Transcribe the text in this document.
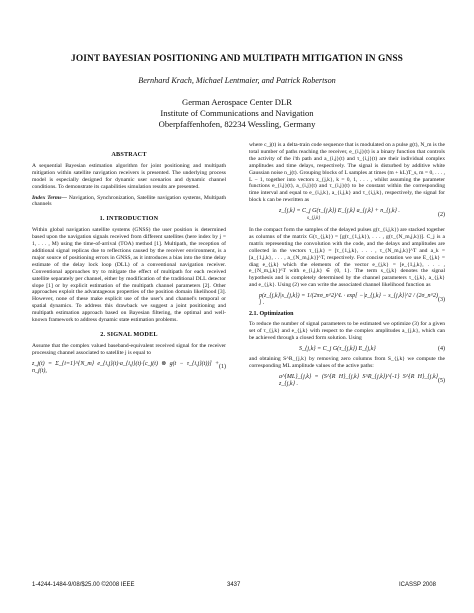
JOINT BAYESIAN POSITIONING AND MULTIPATH MITIGATION IN GNSS
Bernhard Krach, Michael Lentmaier, and Patrick Robertson
German Aerospace Center DLR
Institute of Communications and Navigation
Oberpfaffenhofen, 82234 Wessling, Germany
ABSTRACT

A sequential Bayesian estimation algorithm for joint positioning and multipath mitigation within satellite navigation receivers is presented. The underlying process model is especially designed for dynamic user scenarios and dynamic channel conditions. To demonstrate its capabilities simulation results are presented.

Index Terms— Navigation, Synchronization, Satellite navigation systems, Multipath channels

1. INTRODUCTION

Within global navigation satellite systems (GNSS) the user position is determined based upon the navigation signals received from different satellites (here index by j = 1, . . . , M) using the time-of-arrival (TOA) method [1]. Multipath, the reception of additional signal replicas due to reflections caused by the receiver environment, is a major source of positioning errors in GNSS, as it introduces a bias into the time delay estimate of the delay lock loop (DLL) of a conventional navigation receiver. Conventional approaches try to mitigate the effect of multipath for each received satellite separately per channel, either by modification of the traditional DLL detector slope [1] or by explicit estimation of the multipath channel parameters [2]. Other approaches exploit the advantageous properties of the position domain likelihood [3]. However, none of these make explicit use of the user's and channel's temporal or spatial dynamics. To address this drawback we suggest a joint positioning and multipath estimation approach based on Bayesian filtering, the optimal and well-known framework to address dynamic state estimation problems.

2. SIGNAL MODEL

Assume that the complex valued baseband-equivalent received signal for the receiver processing channel associated to satellite j is equal to

z_j(t) = Σ_{i=1}^{N_m} e_{i,j}(t)·a_{i,j}(t)·[c_j(t) ⊗ g(t − τ_{i,j}(t))] + n_j(t),
(1)

where c_j(t) is a delta-train code sequence that is modulated on a pulse g(t), N_m is the total number of paths reaching the receiver, e_{i,j}(t) is a binary function that controls the activity of the i'th path and a_{i,j}(t) and τ_{i,j}(t) are their individual complex amplitudes and time delays, respectively. The signal is disturbed by additive white Gaussian noise n_j(t). Grouping blocks of L samples at times (m + kL)T_s, m = 0, . . . , L − 1, together into vectors z_{j,k}, k = 0, 1, . . . , whilst assuming the parameter functions e_{i,j}(t), a_{i,j}(t) and τ_{i,j}(t) to be constant within the corresponding time interval and equal to e_{i,j,k}, a_{i,j,k} and τ_{i,j,k}, respectively, the signal for block k can be rewritten as

z_{j,k} = C_j G(τ_{j,k}) E_{j,k} a_{j,k} + n_{j,k} .
s_{j,k}
(2)

In the compact form the samples of the delayed pulses g(τ_{i,j,k}) are stacked together as columns of the matrix G(τ_{j,k}) = [g(τ_{1,j,k}), . . . , g(τ_{N_m,j,k})]. C_j is a matrix representing the convolution with the code, and the delays and amplitudes are collected in the vectors τ_{j,k} = [τ_{1,j,k}, . . . , τ_{N_m,j,k}]^T and a_k = [a_{1,j,k}, . . . , a_{N_m,j,k}]^T, respectively. For concise notation we use E_{j,k} = diag e_{j,k} which the elements of the vector e_{j,k} = [e_{1,j,k}, . . . , e_{N_m,j,k}]^T with e_{i,j,k} ∈ {0, 1}. The term s_{j,k} denotes the signal hypothesis and is completely determined by the channel parameters τ_{j,k}, a_{j,k} and e_{j,k}. Using (2) we can write the associated channel likelihood function as

p(z_{j,k}|s_{j,k}) = 1/(2πσ_n^2)^L · exp[ −|z_{j,k} − s_{j,k}|^2 / (2σ_n^2) ] .
(3)
2.1. Optimization

To reduce the number of signal parameters to be estimated we optimize (3) for a given set of τ_{j,k} and e_{j,k} with respect to the complex amplitudes a_{j,k}, which can be achieved through a closed form solution. Using

S_{j,k} = C_j G(τ_{j,k}) E_{j,k}	(4)

and obtaining S^R_{j,k} by removing zero columns from S_{j,k} we compute the corresponding ML amplitude values of the active paths:

a^{ML}_{j,k} = (S^{R H}_{j,k} S^R_{j,k})^{-1} S^{R H}_{j,k} z_{j,k} .
(5)
1-4244-1484-9/08/$25.00 ©2008 IEEE	3437	ICASSP 2008
